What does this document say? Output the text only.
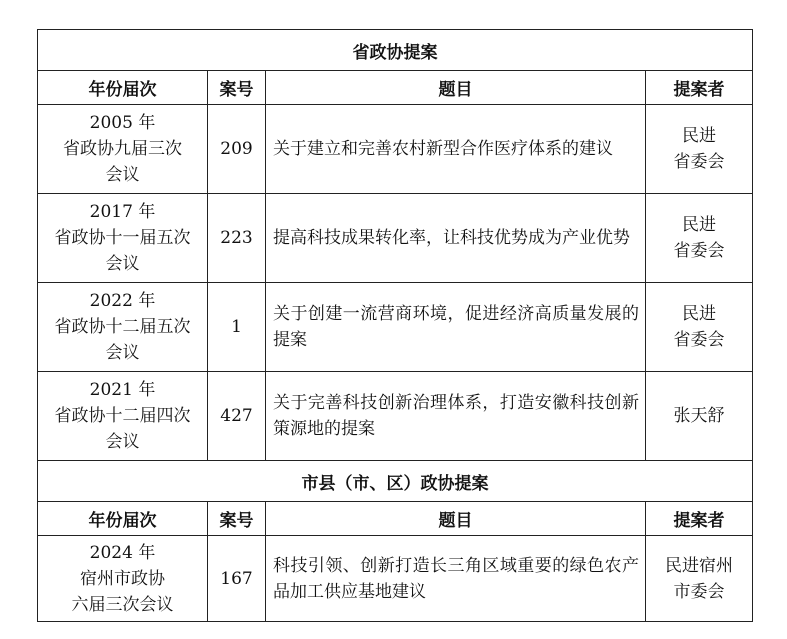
省政协提案			
年份届次	案号	题目	提案者

2005 年
省政协九届三次
会议	209	关于建立和完善农村新型合作医疗体系的建议	民进
省委会

2017 年
省政协十一届五次
会议	223	提高科技成果转化率，让科技优势成为产业优势	民进
省委会

2022 年
省政协十二届五次
会议	1	关于创建一流营商环境，促进经济高质量发展的提案	民进
省委会

2021 年
省政协十二届四次
会议	427	关于完善科技创新治理体系，打造安徽科技创新策源地的提案	张天舒

市县（市、区）政协提案			
年份届次	案号	题目	提案者

2024 年
宿州市政协
六届三次会议	167	科技引领、创新打造长三角区域重要的绿色农产品加工供应基地建议	民进宿州
市委会
